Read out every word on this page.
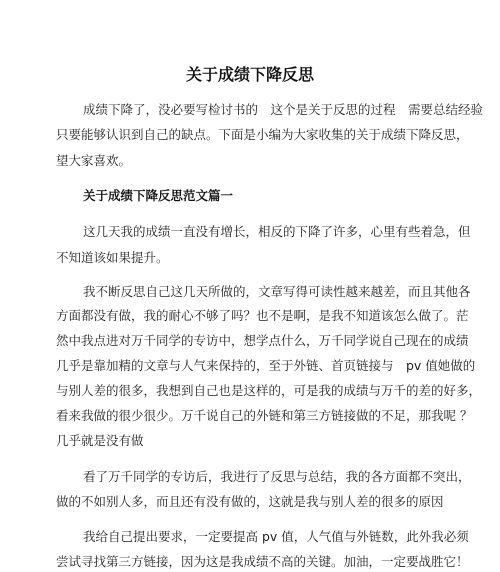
关于成绩下降反思
成绩下降了，没必要写检讨书的　这个是关于反思的过程　需要总结经验
只要能够认识到自己的缺点。下面是小编为大家收集的关于成绩下降反思，
望大家喜欢。
关于成绩下降反思范文篇一
这几天我的成绩一直没有增长，相反的下降了许多，心里有些着急，但
不知道该如果提升。
我不断反思自己这几天所做的，文章写得可读性越来越差，而且其他各
方面都没有做，我的耐心不够了吗？也不是啊，是我不知道该怎么做了。茫
然中我点进对万千同学的专访中，想学点什么，万千同学说自己现在的成绩
几乎是靠加精的文章与人气来保持的，至于外链、首页链接与　pv 值她做的
与别人差的很多，我想到自己也是这样的，可是我的成绩与万千的差的好多，
看来我做的很少很少。万千说自己的外链和第三方链接做的不足，那我呢 ？
几乎就是没有做
看了万千同学的专访后，我进行了反思与总结，我的各方面都不突出，
做的不如别人多，而且还有没有做的，这就是我与别人差的很多的原因
我给自己提出要求，一定要提高 pv 值，人气值与外链数，此外我必须
尝试寻找第三方链接，因为这是我成绩不高的关键。加油，一定要战胜它！
